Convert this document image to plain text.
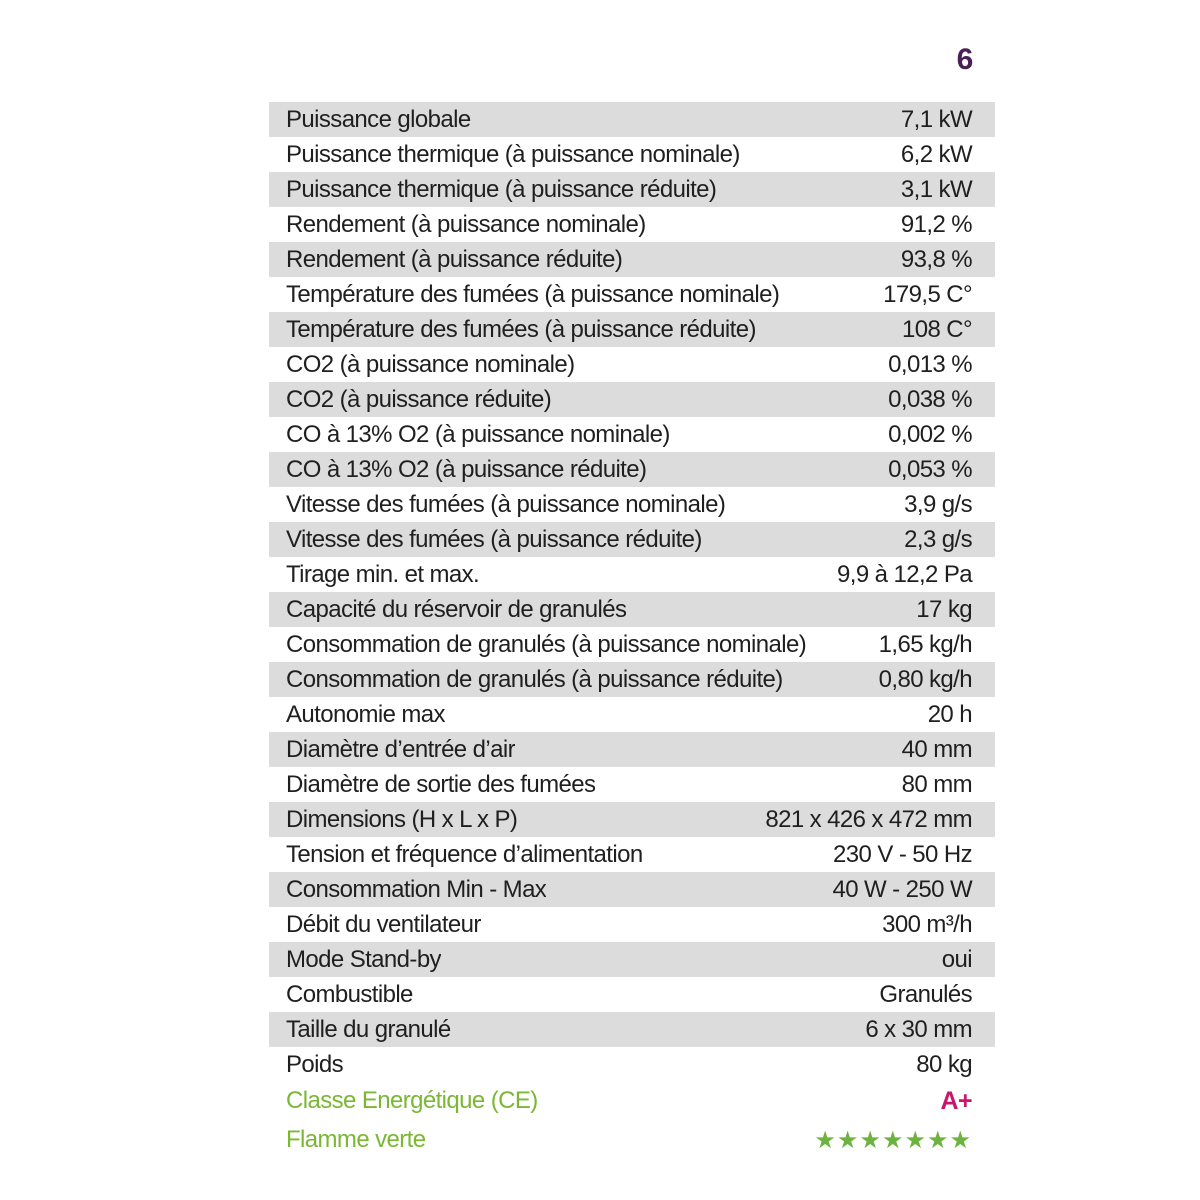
6
Puissance globale	7,1 kW
Puissance thermique (à puissance nominale)	6,2 kW
Puissance thermique (à puissance réduite)	3,1 kW
Rendement (à puissance nominale)	91,2 %
Rendement (à puissance réduite)	93,8 %
Température des fumées (à puissance nominale)	179,5 C°
Température des fumées (à puissance réduite)	108 C°
CO2 (à puissance nominale)	0,013 %
CO2 (à puissance réduite)	0,038 %
CO à 13% O2 (à puissance nominale)	0,002 %
CO à 13% O2 (à puissance réduite)	0,053 %
Vitesse des fumées (à puissance nominale)	3,9 g/s
Vitesse des fumées (à puissance réduite)	2,3 g/s
Tirage min. et max.	9,9 à 12,2 Pa
Capacité du réservoir de granulés	17 kg
Consommation de granulés (à puissance nominale)	1,65 kg/h
Consommation de granulés (à puissance réduite)	0,80 kg/h
Autonomie max	20 h
Diamètre d’entrée d’air	40 mm
Diamètre de sortie des fumées	80 mm
Dimensions (H x L x P)	821 x 426 x 472 mm
Tension et fréquence d’alimentation	230 V - 50 Hz
Consommation Min - Max	40 W - 250 W
Débit du ventilateur	300 m³/h
Mode Stand-by	oui
Combustible	Granulés
Taille du granulé	6 x 30 mm
Poids	80 kg
Classe Energétique (CE)	A+
Flamme verte	★★★★★★★
